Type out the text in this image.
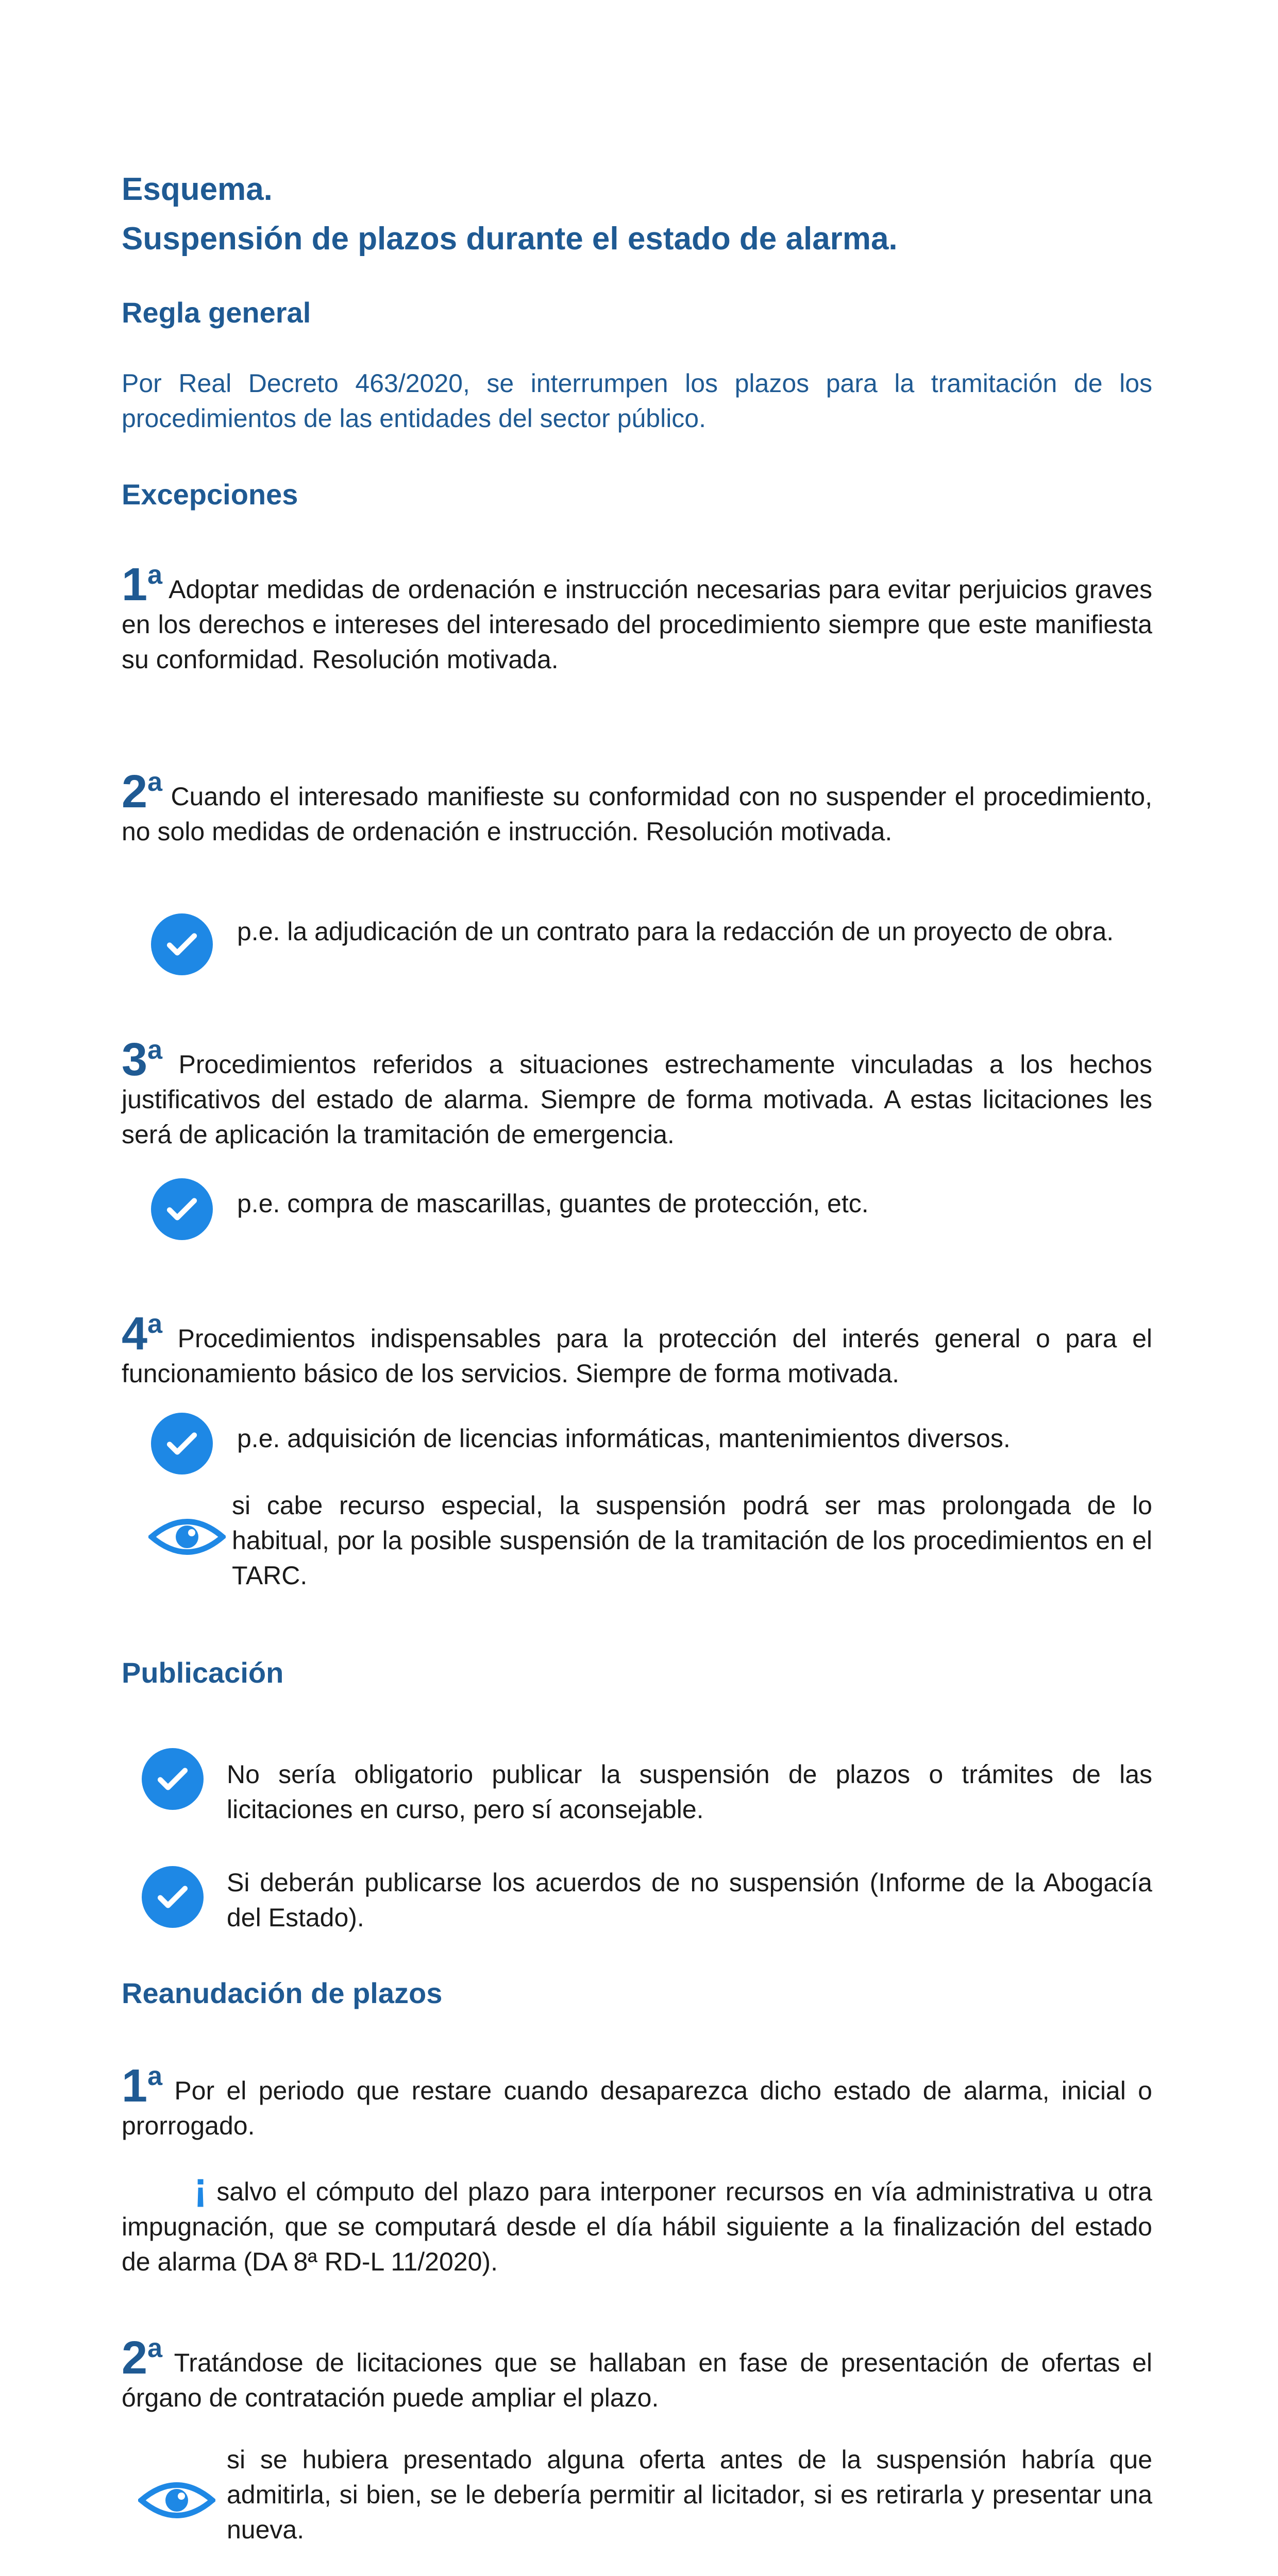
Esquema.
Suspensión de plazos durante el estado de alarma.
Regla general
Por Real Decreto 463/2020, se interrumpen los plazos para la tramitación de los procedimientos de las entidades del sector público.
Excepciones
1$^a$ Adoptar medidas de ordenación e instrucción necesarias para evitar perjuicios graves en los derechos e intereses del interesado del procedimiento siempre que este manifiesta su conformidad. Resolución motivada.
2$^a$ Cuando el interesado manifieste su conformidad con no suspender el procedimiento, no solo medidas de ordenación e instrucción. Resolución motivada.
p.e. la adjudicación de un contrato para la redacción de un proyecto de obra.
3$^a$ Procedimientos referidos a situaciones estrechamente vinculadas a los hechos justificativos del estado de alarma. Siempre de forma motivada. A estas licitaciones les será de aplicación la tramitación de emergencia.
p.e. compra de mascarillas, guantes de protección, etc.
4$^a$ Procedimientos indispensables para la protección del interés general o para el funcionamiento básico de los servicios. Siempre de forma motivada.
p.e. adquisición de licencias informáticas, mantenimientos diversos.
si cabe recurso especial, la suspensión podrá ser mas prolongada de lo habitual, por la posible suspensión de la tramitación de los procedimientos en el TARC.
Publicación
No sería obligatorio publicar la suspensión de plazos o trámites de las licitaciones en curso, pero sí aconsejable.
Si deberán publicarse los acuerdos de no suspensión (Informe de la Abogacía del Estado).
Reanudación de plazos
1$^a$ Por el periodo que restare cuando desaparezca dicho estado de alarma, inicial o prorrogado.
¡ salvo el cómputo del plazo para interponer recursos en vía administrativa u otra impugnación, que se computará desde el día hábil siguiente a la finalización del estado de alarma (DA 8ª RD-L 11/2020).
2$^a$ Tratándose de licitaciones que se hallaban en fase de presentación de ofertas el órgano de contratación puede ampliar el plazo.
si se hubiera presentado alguna oferta antes de la suspensión habría que admitirla, si bien, se le debería permitir al licitador, si es retirarla y presentar una nueva.
